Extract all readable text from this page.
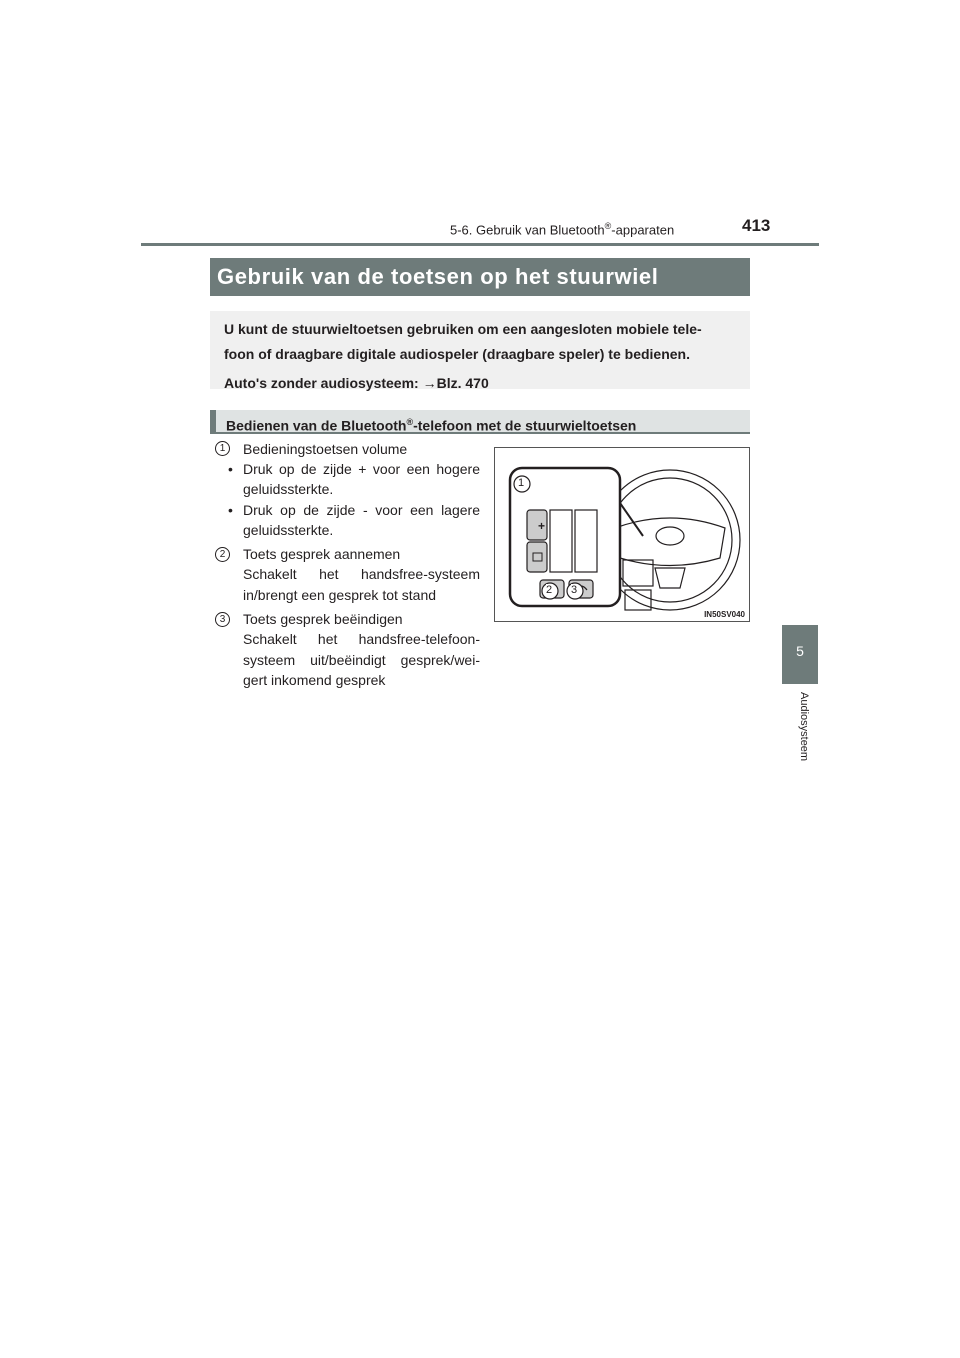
5-6. Gebruik van Bluetooth®-apparaten	413
Gebruik van de toetsen op het stuurwiel
U kunt de stuurwieltoetsen gebruiken om een aangesloten mobiele tele-
foon of draagbare digitale audiospeler (draagbare speler) te bedienen.
Auto's zonder audiosysteem: →Blz. 470
Bedienen van de Bluetooth®-telefoon met de stuurwieltoetsen
1	Bedieningstoetsen volume
• Druk op de zijde + voor een hogere
geluidssterkte.
• Druk op de zijde - voor een lagere
geluidssterkte.
2	Toets gesprek aannemen
Schakelt het handsfree-systeem
in/brengt een gesprek tot stand
3	Toets gesprek beëindigen
Schakelt het handsfree-telefoon-
systeem uit/beëindigt gesprek/wei-
gert inkomend gesprek
+
1
2 3
IN50SV040
5
Audiosysteem
